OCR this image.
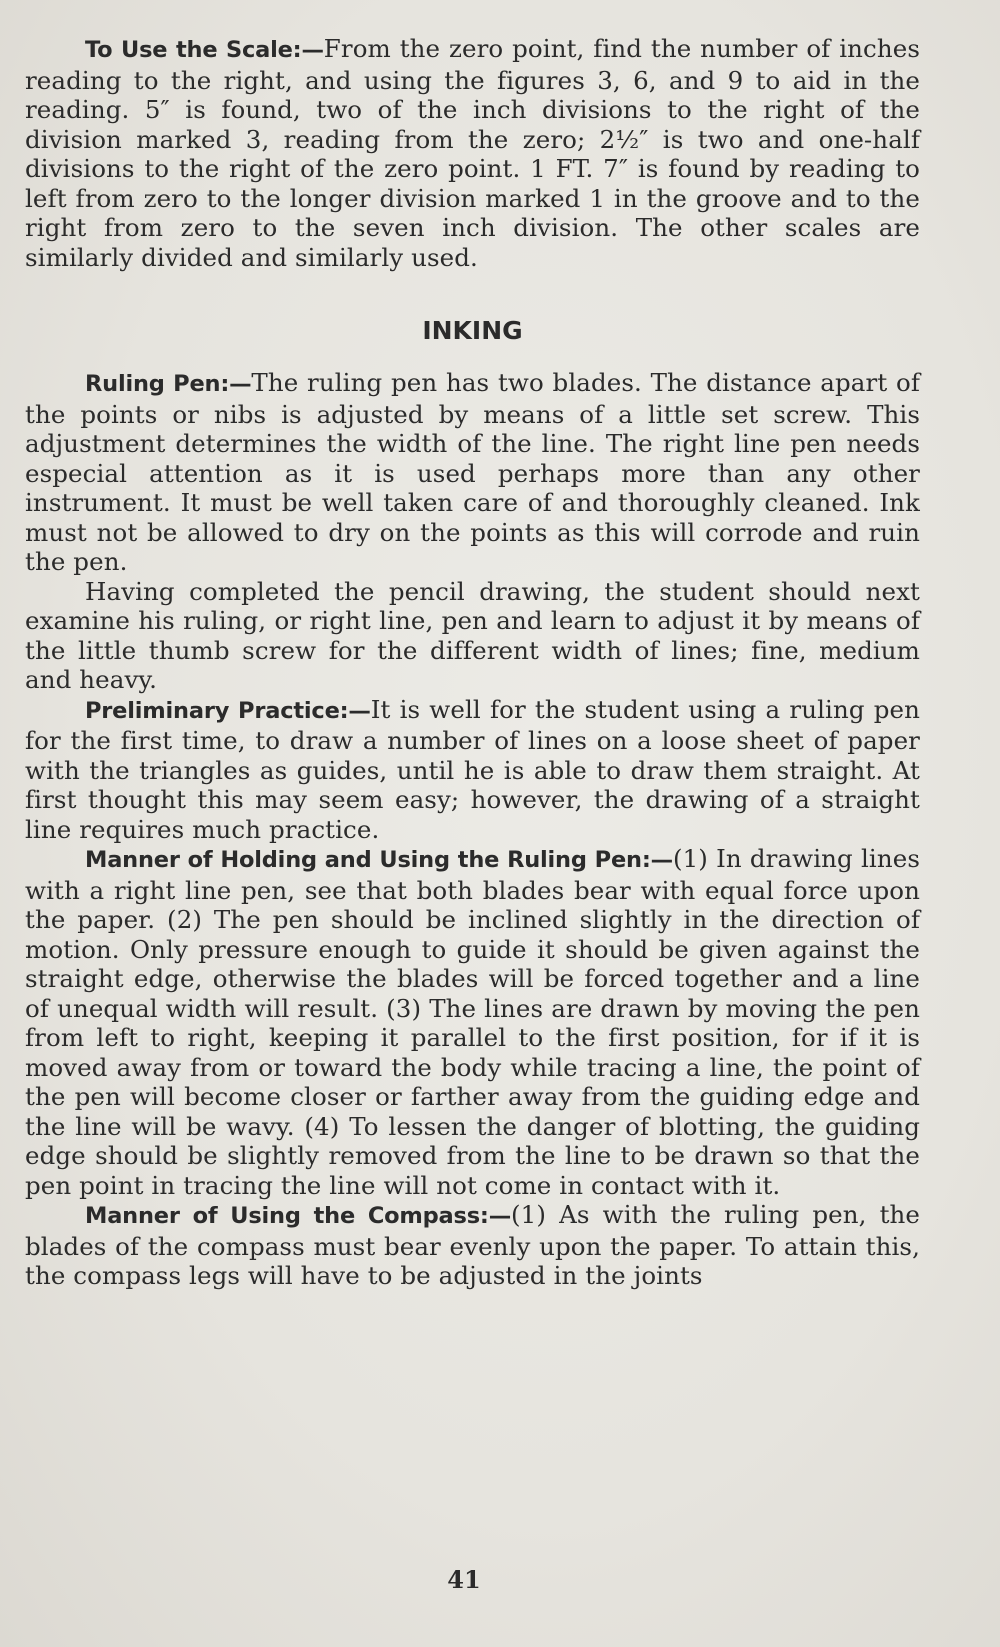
To Use the Scale:—From the zero point, find the number of inches reading to the right, and using the figures 3, 6, and 9 to aid in the reading. 5″ is found, two of the inch divisions to the right of the division marked 3, reading from the zero; 2½″ is two and one-half divisions to the right of the zero point. 1 FT. 7″ is found by reading to left from zero to the longer division marked 1 in the groove and to the right from zero to the seven inch division. The other scales are similarly divided and similarly used.

INKING

Ruling Pen:—The ruling pen has two blades. The distance apart of the points or nibs is adjusted by means of a little set screw. This adjustment determines the width of the line. The right line pen needs especial attention as it is used perhaps more than any other instrument. It must be well taken care of and thoroughly cleaned. Ink must not be allowed to dry on the points as this will corrode and ruin the pen.

Having completed the pencil drawing, the student should next examine his ruling, or right line, pen and learn to adjust it by means of the little thumb screw for the different width of lines; fine, medium and heavy.

Preliminary Practice:—It is well for the student using a ruling pen for the first time, to draw a number of lines on a loose sheet of paper with the triangles as guides, until he is able to draw them straight. At first thought this may seem easy; however, the drawing of a straight line requires much practice.

Manner of Holding and Using the Ruling Pen:—(1) In drawing lines with a right line pen, see that both blades bear with equal force upon the paper. (2) The pen should be inclined slightly in the direction of motion. Only pressure enough to guide it should be given against the straight edge, otherwise the blades will be forced together and a line of unequal width will result. (3) The lines are drawn by moving the pen from left to right, keeping it parallel to the first position, for if it is moved away from or toward the body while tracing a line, the point of the pen will become closer or farther away from the guiding edge and the line will be wavy. (4) To lessen the danger of blotting, the guiding edge should be slightly removed from the line to be drawn so that the pen point in tracing the line will not come in contact with it.

Manner of Using the Compass:—(1) As with the ruling pen, the blades of the compass must bear evenly upon the paper. To attain this, the compass legs will have to be adjusted in the joints

41
